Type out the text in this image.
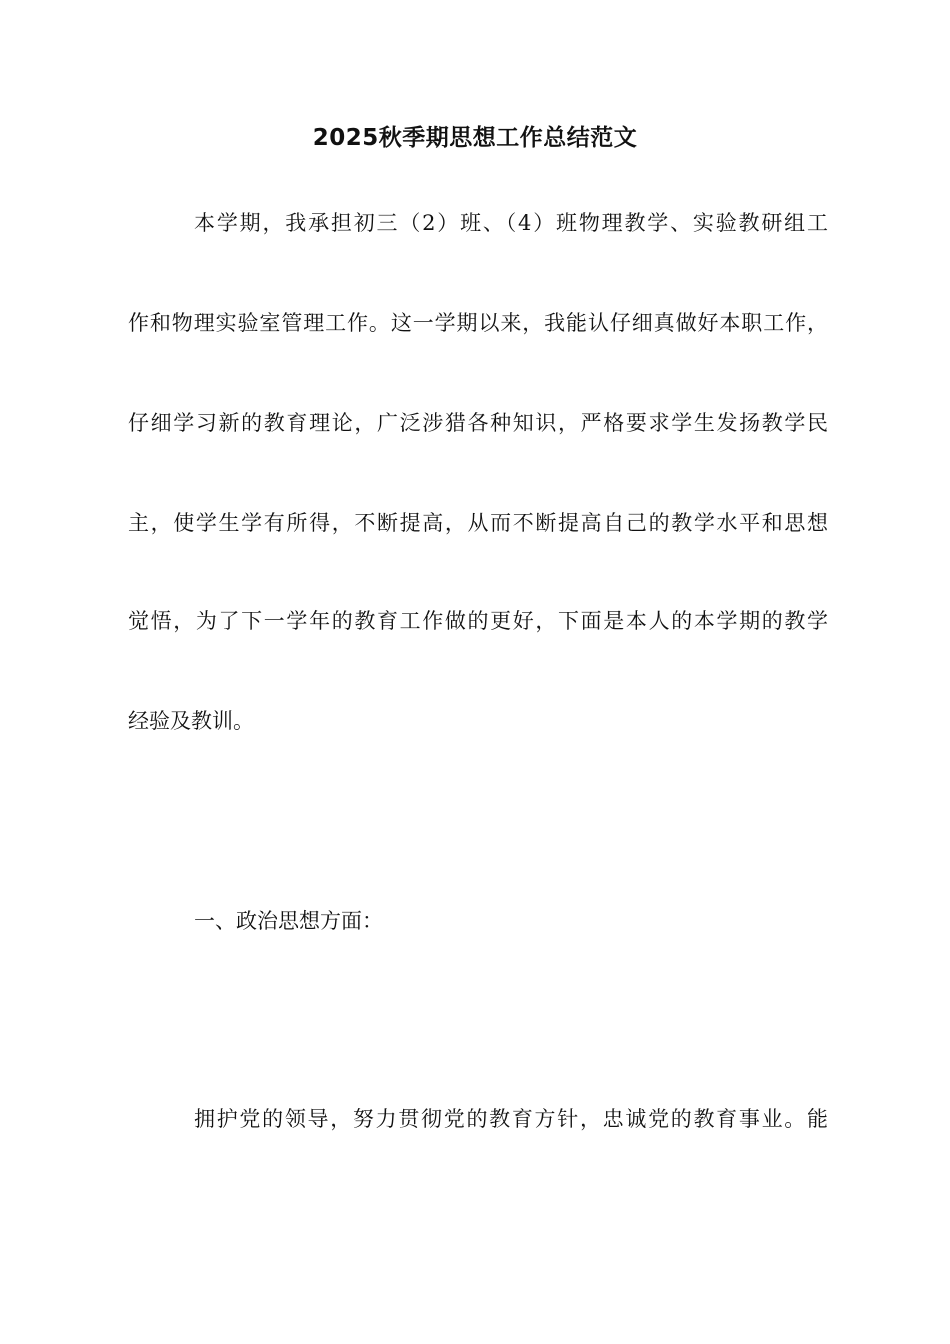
2025秋季期思想工作总结范文

本学期，我承担初三（2）班、（4）班物理教学、实验教研组工

作和物理实验室管理工作。这一学期以来，我能认仔细真做好本职工作，

仔细学习新的教育理论，广泛涉猎各种知识，严格要求学生发扬教学民

主，使学生学有所得，不断提高，从而不断提高自己的教学水平和思想

觉悟，为了下一学年的教育工作做的更好，下面是本人的本学期的教学

经验及教训。

一、政治思想方面：

拥护党的领导，努力贯彻党的教育方针，忠诚党的教育事业。能
